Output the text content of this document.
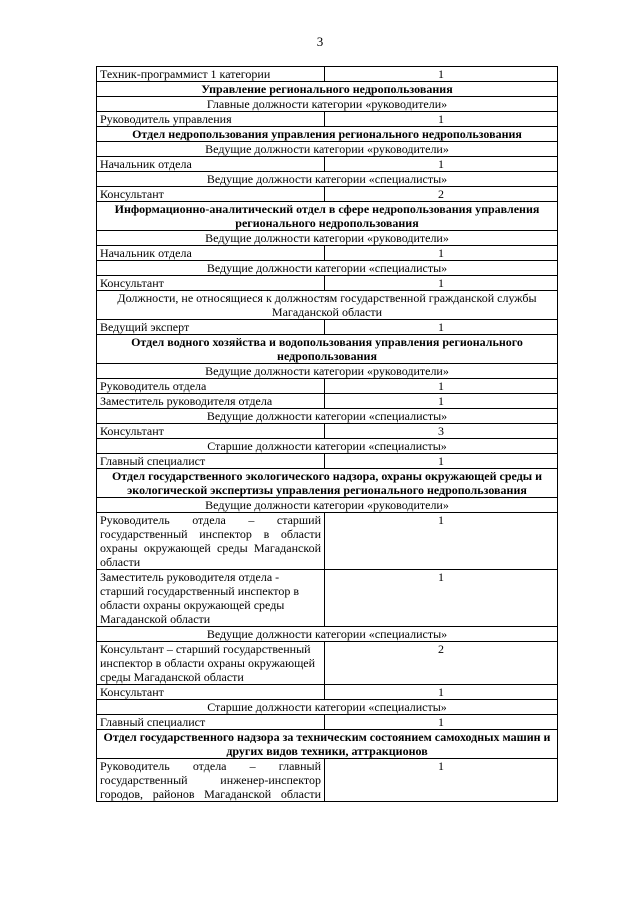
3
Техник-программист 1 категории	1
Управление регионального недропользования	
Главные должности категории «руководители»	
Руководитель управления	1
Отдел недропользования управления регионального недропользования	
Ведущие должности категории «руководители»	
Начальник отдела	1
Ведущие должности категории «специалисты»	
Консультант	2
Информационно-аналитический отдел в сфере недропользования управления регионального недропользования	
Ведущие должности категории «руководители»	
Начальник отдела	1
Ведущие должности категории «специалисты»	
Консультант	1
Должности, не относящиеся к должностям государственной гражданской службы Магаданской области	
Ведущий эксперт	1
Отдел водного хозяйства и водопользования управления регионального недропользования	
Ведущие должности категории «руководители»	
Руководитель отдела	1
Заместитель руководителя отдела	1
Ведущие должности категории «специалисты»	
Консультант	3
Старшие должности категории «специалисты»	
Главный специалист	1
Отдел государственного экологического надзора, охраны окружающей среды и экологической экспертизы управления регионального недропользования	
Ведущие должности категории «руководители»	
Руководитель отдела – старший государственный инспектор в области охраны окружающей среды Магаданской области	1
Заместитель руководителя отдела - старший государственный инспектор в области охраны окружающей среды Магаданской области	1
Ведущие должности категории «специалисты»	
Консультант – старший государственный инспектор в области охраны окружающей среды Магаданской области	2
Консультант	1
Старшие должности категории «специалисты»	
Главный специалист	1
Отдел государственного надзора за техническим состоянием самоходных машин и других видов техники, аттракционов	
Руководитель отдела – главный государственный инженер-инспектор городов, районов Магаданской области	1
